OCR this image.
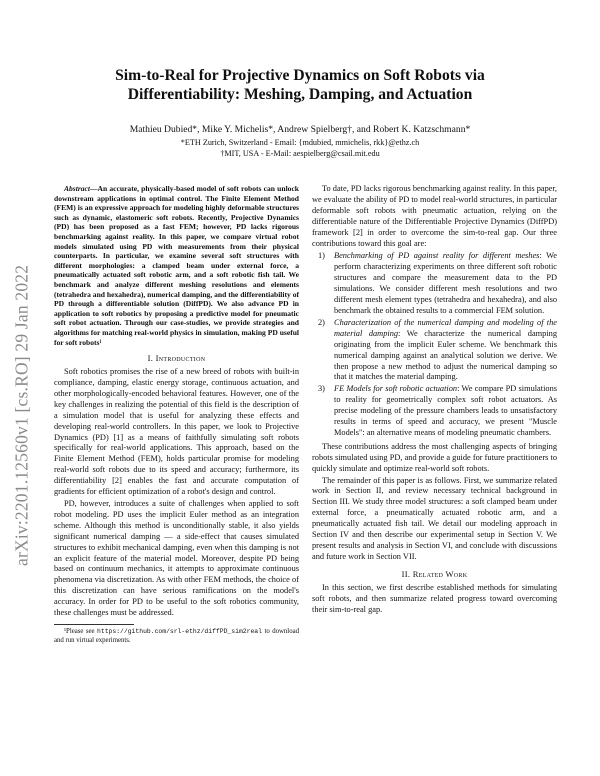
arXiv:2201.12560v1 [cs.RO] 29 Jan 2022
Sim-to-Real for Projective Dynamics on Soft Robots via Differentiability: Meshing, Damping, and Actuation
Mathieu Dubied*, Mike Y. Michelis*, Andrew Spielberg†, and Robert K. Katzschmann*
*ETH Zurich, Switzerland - Email: {mdubied, mmichelis, rkk}@ethz.ch
†MIT, USA - E-Mail: aespielberg@csail.mit.edu

Abstract—An accurate, physically-based model of soft robots can unlock downstream applications in optimal control. The Finite Element Method (FEM) is an expressive approach for modeling highly deformable structures such as dynamic, elastomeric soft robots. Recently, Projective Dynamics (PD) has been proposed as a fast FEM; however, PD lacks rigorous benchmarking against reality. In this paper, we compare virtual robot models simulated using PD with measurements from their physical counterparts. In particular, we examine several soft structures with different morphologies: a clamped beam under external force, a pneumatically actuated soft robotic arm, and a soft robotic fish tail. We benchmark and analyze different meshing resolutions and elements (tetrahedra and hexahedra), numerical damping, and the differentiability of PD through a differentiable solution (DiffPD). We also advance PD in application to soft robotics by proposing a predictive model for pneumatic soft robot actuation. Through our case-studies, we provide strategies and algorithms for matching real-world physics in simulation, making PD useful for soft robots¹

I. Introduction

Soft robotics promises the rise of a new breed of robots with built-in compliance, damping, elastic energy storage, continuous actuation, and other morphologically-encoded behavioral features. However, one of the key challenges in realizing the potential of this field is the description of a simulation model that is useful for analyzing these effects and developing real-world controllers. In this paper, we look to Projective Dynamics (PD) [1] as a means of faithfully simulating soft robots specifically for real-world applications. This approach, based on the Finite Element Method (FEM), holds particular promise for modeling real-world soft robots due to its speed and accuracy; furthermore, its differentiability [2] enables the fast and accurate computation of gradients for efficient optimization of a robot's design and control.

PD, however, introduces a suite of challenges when applied to soft robot modeling. PD uses the implicit Euler method as an integration scheme. Although this method is unconditionally stable, it also yields significant numerical damping — a side-effect that causes simulated structures to exhibit mechanical damping, even when this damping is not an explicit feature of the material model. Moreover, despite PD being based on continuum mechanics, it attempts to approximate continuous phenomena via discretization. As with other FEM methods, the choice of this discretization can have serious ramifications on the model's accuracy. In order for PD to be useful to the soft robotics community, these challenges must be addressed.

¹Please see https://github.com/srl-ethz/diffPD_sim2real to download and run virtual experiments.

To date, PD lacks rigorous benchmarking against reality. In this paper, we evaluate the ability of PD to model real-world structures, in particular deformable soft robots with pneumatic actuation, relying on the differentiable nature of the Differentiable Projective Dynamics (DiffPD) framework [2] in order to overcome the sim-to-real gap. Our three contributions toward this goal are:

1) Benchmarking of PD against reality for different meshes: We perform characterizing experiments on three different soft robotic structures and compare the measurement data to the PD simulations. We consider different mesh resolutions and two different mesh element types (tetrahedra and hexahedra), and also benchmark the obtained results to a commercial FEM solution.
2) Characterization of the numerical damping and modeling of the material damping: We characterize the numerical damping originating from the implicit Euler scheme. We benchmark this numerical damping against an analytical solution we derive. We then propose a new method to adjust the numerical damping so that it matches the material damping.
3) FE Models for soft robotic actuation: We compare PD simulations to reality for geometrically complex soft robot actuators. As precise modeling of the pressure chambers leads to unsatisfactory results in terms of speed and accuracy, we present "Muscle Models": an alternative means of modeling pneumatic chambers.

These contributions address the most challenging aspects of bringing robots simulated using PD, and provide a guide for future practitioners to quickly simulate and optimize real-world soft robots.

The remainder of this paper is as follows. First, we summarize related work in Section II, and review necessary technical background in Section III. We study three model structures: a soft clamped beam under external force, a pneumatically actuated robotic arm, and a pneumatically actuated fish tail. We detail our modeling approach in Section IV and then describe our experimental setup in Section V. We present results and analysis in Section VI, and conclude with discussions and future work in Section VII.

II. Related Work

In this section, we first describe established methods for simulating soft robots, and then summarize related progress toward overcoming their sim-to-real gap.
